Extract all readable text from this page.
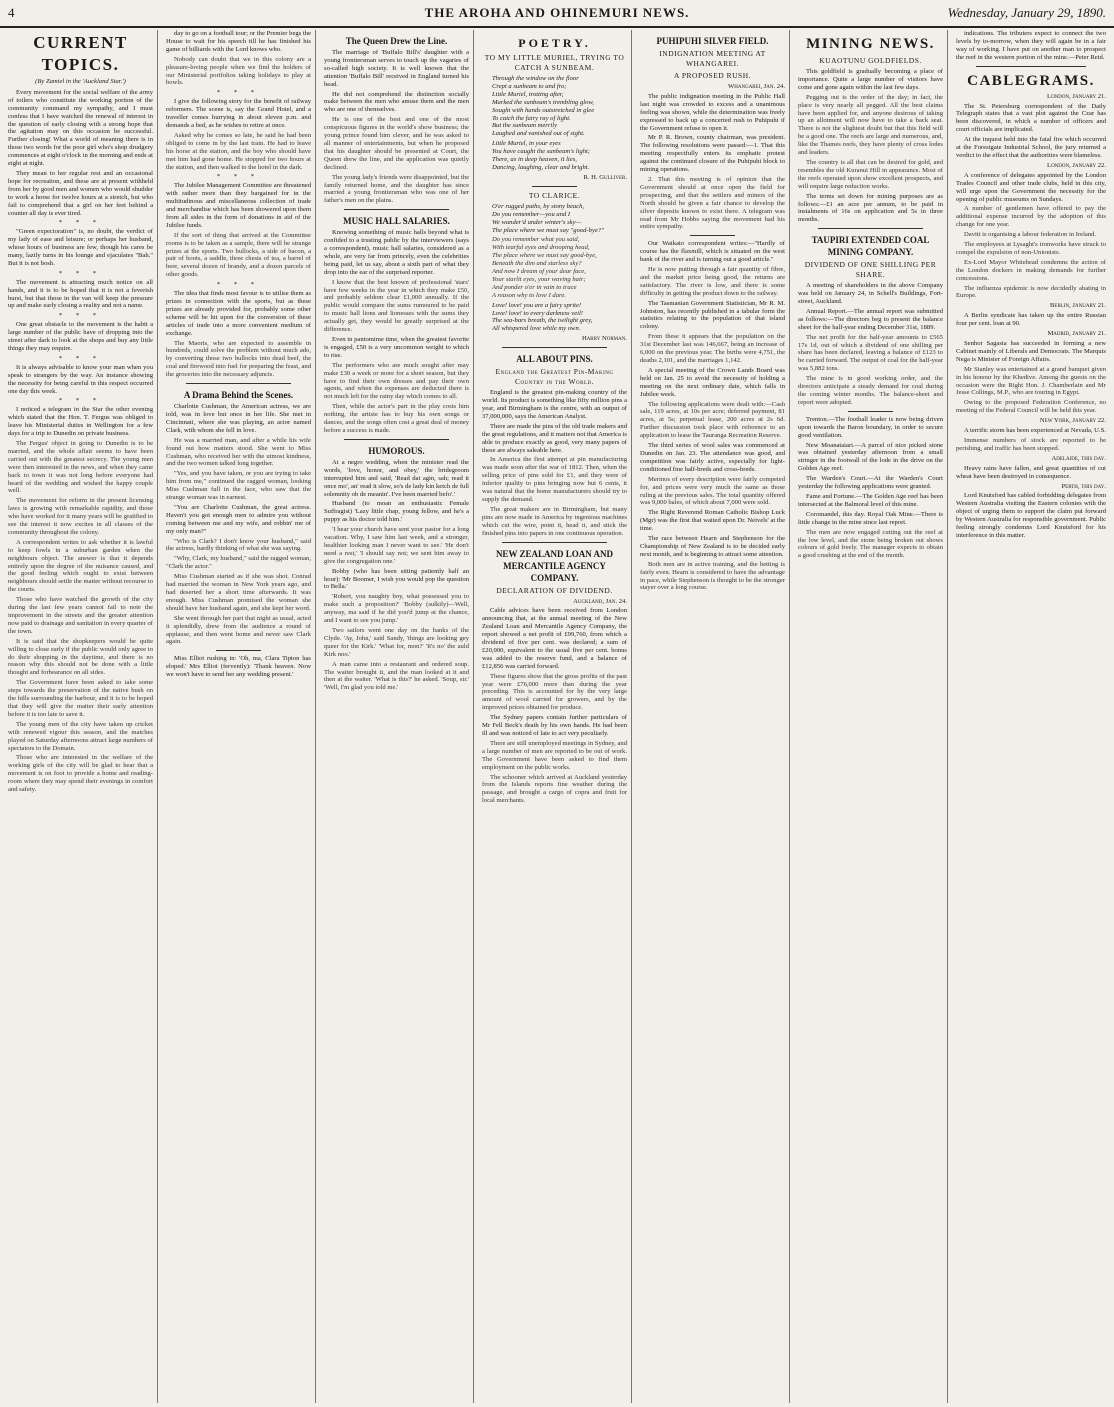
4	THE AROHA AND OHINEMURI NEWS.	Wednesday, January 29, 1890.
CURRENT TOPICS.
(By Zamiel in the 'Auckland Star.')

Every movement for the social welfare of the army of toilers who constitute the working portion of the community command my sympathy, and I must confess that I have watched the renewal of interest in the question of early closing with a strong hope that the agitation may on this occasion be successful. Further closing! What a world of meaning there is in those two words for the poor girl who's shop drudgery commences at eight o'clock in the morning and ends at eight at night.

They mean to her regular rest and an occasional hope for recreation, and these are at present withheld from her by good men and women who would shudder to work a horse for twelve hours at a stretch, but who fail to comprehend that a girl on her feet behind a counter all day is ever tired.

* * *

"Green expectoration" is, no doubt, the verdict of my lady of ease and leisure; or perhaps her husband, whose hours of business are few, though his cares be many, lazily turns in his lounge and ejaculates "Bah." But it is not bosh.

* * *

The movement is attracting much notice on all hands, and it is to be hoped that it is not a feverish burst, but that those in the van will keep the pressure up and make early closing a reality and not a name.

* * *

One great obstacle to the movement is the habit a large number of the public have of dropping into the street after dark to look at the shops and buy any little things they may require.

* * *

It is always advisable to know your man when you speak to strangers by the way. An instance showing the necessity for being careful in this respect occurred one day this week.

* * *

I noticed a telegram in the Star the other evening which stated that the Hon. T. Fergus was obliged to leave his Ministerial duties in Wellington for a few days for a trip to Dunedin on private business.

The Fergus' object in going to Dunedin is to be married, and the whole affair seems to have been carried out with the greatest secrecy. The young men were then interested in the news, and when they came back to town it was not long before everyone had heard of the wedding and wished the happy couple well.

The movement for reform in the present licensing laws is growing with remarkable rapidity, and those who have worked for it many years will be gratified to see the interest it now excites in all classes of the community throughout the colony.

A correspondent writes to ask whether it is lawful to keep fowls in a suburban garden when the neighbours object. The answer is that it depends entirely upon the degree of the nuisance caused, and the good feeling which ought to exist between neighbours should settle the matter without recourse to the courts.

Those who have watched the growth of the city during the last few years cannot fail to note the improvement in the streets and the greater attention now paid to drainage and sanitation in every quarter of the town.

It is said that the shopkeepers would be quite willing to close early if the public would only agree to do their shopping in the daytime, and there is no reason why this should not be done with a little thought and forbearance on all sides.

The Government have been asked to take some steps towards the preservation of the native bush on the hills surrounding the harbour, and it is to be hoped that they will give the matter their early attention before it is too late to save it.

The young men of the city have taken up cricket with renewed vigour this season, and the matches played on Saturday afternoons attract large numbers of spectators to the Domain.

Those who are interested in the welfare of the working girls of the city will be glad to hear that a movement is on foot to provide a home and reading-room where they may spend their evenings in comfort and safety.

day to go on a football tour; or the Premier begs the House to wait for his speech till he has finished his game of billiards with the Lord knows who.

Nobody can doubt that we in this colony are a pleasure-loving people when we find the holders of our Ministerial portfolios taking holidays to play at bowls.

* * *

I give the following story for the benefit of railway reformers. The scene is, say the Grand Hotel, and a traveller comes hurrying in about eleven p.m. and demands a bed, as he wishes to retire at once.

Asked why he comes so late, he said he had been obliged to come in by the last train. He had to leave his horse at the station, and the boy who should have met him had gone home. He stopped for two hours at the station, and then walked to the hotel in the dark.

* * *

The Jubilee Management Committee are threatened with rather more than they bargained for in the multitudinous and miscellaneous collection of trade and merchandise which has been showered upon them from all sides in the form of donations in aid of the Jubilee funds.

If the sort of thing that arrived at the Committee rooms is to be taken as a sample, there will be strange prizes at the sports. Two bullocks, a side of bacon, a pair of boots, a saddle, three chests of tea, a barrel of beer, several dozen of brandy, and a dozen parcels of other goods.

* * *

The idea that finds most favour is to utilise them as prizes in connection with the sports, but as these prizes are already provided for, probably some other scheme will be hit upon for the conversion of these articles of trade into a more convenient medium of exchange.

The Maoris, who are expected to assemble in hundreds, could solve the problem without much ado, by converting those two bullocks into dead beef, the coal and firewood into fuel for preparing the feast, and the groceries into the necessary adjuncts.

A Drama Behind the Scenes.

Charlotte Cushman, the American actress, we are told, was in love but once in her life. She met in Cincinnati, where she was playing, an actor named Clark, with whom she fell in love.

He was a married man, and after a while his wife found out how matters stood. She went to Miss Cushman, who received her with the utmost kindness, and the two women talked long together.

"Yes, and you have taken, or you are trying to take him from me," continued the ragged woman, looking Miss Cushman full in the face, who saw that the strange woman was in earnest.

"You are Charlotte Cushman, the great actress. Haven't you got enough men to admire you without coming between me and my wife, and robbin' me of my only man?"

"Who is Clark? I don't know your husband," said the actress, hardly thinking of what she was saying.

"Why, Clark, my husband," said the ragged woman, "Clark the actor."

Miss Cushman started as if she was shot. Conrad had married the woman in New York years ago, and had deserted her a short time afterwards. It was enough. Miss Cushman promised the woman she should have her husband again, and she kept her word.

She went through her part that night as usual, acted it splendidly, drew from the audience a round of applause, and then went home and never saw Clark again.

Miss Elliot rushing in: 'Oh, ma, Clara Tipton has eloped.' Mrs Elliot (fervently): 'Thank heaven. Now we won't have to send her any wedding present.'

The Queen Drew the Line.

The marriage of 'Buffalo Bill's' daughter with a young frontiersman serves to touch up the vagaries of so-called high society. It is well known that the attention 'Buffalo Bill' received in England turned his head.

He did not comprehend the distinction socially make between the men who amuse them and the men who are one of themselves.

He is one of the best and one of the most conspicuous figures in the world's show business; the young prince found him clever, and he was asked to all manner of entertainments, but when he proposed that his daughter should be presented at Court, the Queen drew the line, and the application was quietly declined.

The young lady's friends were disappointed, but the family returned home, and the daughter has since married a young frontiersman who was one of her father's men on the plains.

MUSIC HALL SALARIES.

Knowing something of music halls beyond what is confided to a trusting public by the interviewers (says a correspondent), music hall salaries, considered as a whole, are very far from princely, even the celebrities being paid, let us say, about a sixth part of what they drop into the ear of the surprised reporter.

I know that the best known of professional 'stars' have few weeks in the year in which they make £50, and probably seldom clear £1,000 annually. If the public would compare the sums rumoured to be paid to music hall lions and lionesses with the sums they actually get, they would be greatly surprised at the difference.

Even in pantomime time, when the greatest favorite is engaged, £50 is a very uncommon weight to which to rise.

The performers who are much sought after may make £30 a week or more for a short season, but they have to find their own dresses and pay their own agents, and when the expenses are deducted there is not much left for the rainy day which comes to all.

Then, while the actor's part in the play costs him nothing, the artiste has to buy his own songs or dances, and the songs often cost a great deal of money before a success is made.

HUMOROUS.

At a negro wedding, when the minister read the words, 'love, honor, and obey,' the bridegroom interrupted him and said, 'Read dat agin, sah; read it once mo', an' read it slow, so's de lady kin ketch de full solemnity ob de meanin'. I've been married befo'.'

Husband (to moan an enthusiastic Female Suffragist) 'Lazy little chap, young fellow, and he's a puppy as his doctor told him.'

'I hear your church have sent your pastor for a long vacation. Why, I saw him last week, and a stronger, healthier looking man I never want to see.' 'He don't need a rest,' 'I should say not; we sent him away to give the congregation one.'

Bobby (who has been sitting patiently half an hour): 'Mr Boomer, I wish you would pop the question to Bella.'

'Robert, you naughty boy, what possessed you to make such a proposition?' 'Bobby (sulkily)—Well, anyway, ma said if he did you'd jump at the chance, and I want to see you jump.'

Two sailors went one day on the banks of the Clyde. 'Ay, John,' said Sandy, 'things are looking gey queer for the Kirk.' 'What for, mon?' 'It's no' the auld Kirk noo.'

A man came into a restaurant and ordered soup. The waiter brought it, and the man looked at it and then at the waiter. 'What is this?' he asked. 'Soup, sir.' 'Well, I'm glad you told me.'

POETRY.
TO MY LITTLE MURIEL, TRYING TO CATCH A SUNBEAM.
Through the window on the floor
Crept a sunbeam to and fro;
Little Muriel, trotting after,
Marked the sunbeam's trembling glow,
Sought with hands outstretched in glee
To catch the fairy ray of light.
But the sunbeam merrily
Laughed and vanished out of sight.
Little Muriel, in your eyes
You have caught the sunbeam's light;
There, as in deep heaven, it lies,
Dancing, laughing, clear and bright.
R. H. Gulliver.
TO CLARICE.
O'er rugged paths, by stony beach,
Do you remember—you and I
We wander'd under winter's sky—
The place where we must say "good-bye?"
Do you remember what you said,
With tearful eyes and drooping head,
The place where we must say good-bye,
Beneath the dim and starless sky?
And now I dream of your dear face,
Your starlit eyes, your waving hair;
And ponder o'er in vain to trace
A reason why to love I dare.
Love! love! you are a fairy sprite!
Love! love! to every darkness veil!
The sea-bars breath, the twilight grey,
All whispered love while my own.
Harry Norman.
ALL ABOUT PINS.
England the Greatest Pin-Making Country in the World.

England is the greatest pin-making country of the world. Its product is something like fifty million pins a year, and Birmingham is the centre, with an output of 37,000,000, says the American Analyst.

There are made the pins of the old trade makers and the great regulations, and it matters not that America is able to produce exactly as good, very many papers of these are always saleable here.

In America the first attempt at pin manufacturing was made soon after the war of 1812. Then, when the selling price of pins sold for £1, and they were of inferior quality to pins bringing now but 6 cents, it was natural that the home manufacturers should try to supply the demand.

The great makers are in Birmingham, but many pins are now made in America by ingenious machines which cut the wire, point it, head it, and stick the finished pins into papers in one continuous operation.

NEW ZEALAND LOAN AND MERCANTILE AGENCY COMPANY.
DECLARATION OF DIVIDEND.
Auckland, Jan. 24.

Cable advices have been received from London announcing that, at the annual meeting of the New Zealand Loan and Mercantile Agency Company, the report showed a net profit of £99,760, from which a dividend of five per cent. was declared; a sum of £20,000, equivalent to the usual five per cent. bonus was added to the reserve fund, and a balance of £12,856 was carried forward.

These figures show that the gross profits of the past year were £76,000 more than during the year preceding. This is accounted for by the very large amount of wool carried for growers, and by the improved prices obtained for produce.

The Sydney papers contain further particulars of Mr Fell Beck's death by his own hands. He had been ill and was noticed of late to act very peculiarly.

There are still unemployed meetings in Sydney, and a large number of men are reported to be out of work. The Government have been asked to find them employment on the public works.

The schooner which arrived at Auckland yesterday from the Islands reports fine weather during the passage, and brought a cargo of copra and fruit for local merchants.

PUHIPUHI SILVER FIELD.
INDIGNATION MEETING AT WHANGAREI.
A PROPOSED RUSH.
Whangarei, Jan. 24.

The public indignation meeting in the Public Hall last night was crowded to excess and a unanimous feeling was shown, while the determination was freely expressed to back up a concerted rush to Puhipuhi if the Government refuse to open it.

Mr P. R. Brown, county chairman, was president. The following resolutions were passed:—1. That this meeting respectfully enters its emphatic protest against the continued closure of the Puhipuhi block to mining operations.

2. That this meeting is of opinion that the Government should at once open the field for prospecting, and that the settlers and miners of the North should be given a fair chance to develop the silver deposits known to exist there. A telegram was read from Mr Hobbs saying the movement had his entire sympathy.

Our Waikato correspondent writes:—"Hardly of course has the flaxmill, which is situated on the west bank of the river and is turning out a good article."

He is now putting through a fair quantity of fibre, and the market price being good, the returns are satisfactory. The river is low, and there is some difficulty in getting the product down to the railway.

The Tasmanian Government Statistician, Mr R. M. Johnston, has recently published in a tabular form the statistics relating to the population of that island colony.

From these it appears that the population on the 31st December last was 146,667, being an increase of 6,000 on the previous year. The births were 4,751, the deaths 2,101, and the marriages 1,142.

A special meeting of the Crown Lands Board was held on Jan. 25 to avoid the necessity of holding a meeting on the next ordinary date, which falls in Jubilee week.

The following applications were dealt with:—Cash sale, 119 acres, at 10s per acre; deferred payment, 81 acres, at 5s; perpetual lease, 200 acres at 2s 6d. Further discussion took place with reference to an application to lease the Tauranga Recreation Reserve.

The third series of wool sales was commenced at Dunedin on Jan. 23. The attendance was good, and competition was fairly active, especially for light-conditioned fine half-breds and cross-breds.

Merinos of every description were fairly competed for, and prices were very much the same as those ruling at the previous sales. The total quantity offered was 9,000 bales, of which about 7,000 were sold.

The Right Reverend Roman Catholic Bishop Luck (Mgr) was the first that waited upon Dr. Neivels' at the time.

The race between Hearn and Stephenson for the Championship of New Zealand is to be decided early next month, and is beginning to attract some attention.

Both men are in active training, and the betting is fairly even. Hearn is considered to have the advantage in pace, while Stephenson is thought to be the stronger stayer over a long course.

MINING NEWS.
KUAOTUNU GOLDFIELDS.

This goldfield is gradually becoming a place of importance. Quite a large number of visitors have come and gone again within the last few days.

Pegging out is the order of the day; in fact, the place is very nearly all pegged. All the best claims have been applied for, and anyone desirous of taking up an allotment will now have to take a back seat. There is not the slightest doubt but that this field will be a good one. The reefs are large and numerous, and, like the Thames reefs, they have plenty of cross lodes and leaders.

The country is all that can be desired for gold, and resembles the old Kuranui Hill in appearance. Most of the reefs operated upon show excellent prospects, and will require large reduction works.

The terms set down for mining purposes are as follows:—£1 an acre per annum, to be paid in instalments of 16s on application and 5s in three months.

TAUPIRI EXTENDED COAL MINING COMPANY.
DIVIDEND OF ONE SHILLING PER SHARE.

A meeting of shareholders in the above Company was held on January 24, in Schell's Buildings, Fort-street, Auckland.

Annual Report.—The annual report was submitted as follows:—The directors beg to present the balance sheet for the half-year ending December 31st, 1889.

The net profit for the half-year amounts to £565 17s 1d, out of which a dividend of one shilling per share has been declared, leaving a balance of £123 to be carried forward. The output of coal for the half-year was 5,882 tons.

The mine is in good working order, and the directors anticipate a steady demand for coal during the coming winter months. The balance-sheet and report were adopted.

Trenton.—The football leader is now being driven upon towards the Baron boundary, in order to secure good ventilation.

New Moanataiari.—A parcel of nice picked stone was obtained yesterday afternoon from a small stringer in the footwall of the lode in the drive on the Golden Age reef.

The Warden's Court.—At the Warden's Court yesterday the following applications were granted.

Fame and Fortune.—The Golden Age reef has been intersected at the Balmoral level of this mine.

Coromandel, this day. Royal Oak Mine.—There is little change in the mine since last report.

The men are now engaged cutting out the reef at the low level, and the stone being broken out shows colours of gold freely. The manager expects to obtain a good crushing at the end of the month.

indications. The tributers expect to connect the two levels by to-morrow, when they will again be in a fair way of working. I have put on another man to prospect the reef in the western portion of the mine.—Peter Reid.

CABLEGRAMS.
London, January 21.

The St. Petersburg correspondent of the Daily Telegraph states that a vast plot against the Czar has been discovered, in which a number of officers and court officials are implicated.

At the inquest held into the fatal fire which occurred at the Forestgate Industrial School, the jury returned a verdict to the effect that the authorities were blameless.

London, January 22.

A conference of delegates appointed by the London Trades Council and other trade clubs, held in this city, will urge upon the Government the necessity for the opening of public museums on Sundays.

A number of gentlemen have offered to pay the additional expense incurred by the adoption of this change for one year.

Davitt is organising a labour federation in Ireland.

The employees at Lysaght's ironworks have struck to compel the expulsion of non-Unionists.

Ex-Lord Mayor Whitehead condemns the action of the London dockers in making demands for further concessions.

The influenza epidemic is now decidedly abating in Europe.

Berlin, January 21.

A Berlin syndicate has taken up the entire Russian four per cent. loan at 90.

Madrid, January 21.

Senhor Sagasta has succeeded in forming a new Cabinet mainly of Liberals and Democrats. The Marquis Nega is Minister of Foreign Affairs.

Mr Stanley was entertained at a grand banquet given in his honour by the Khedive. Among the guests on the occasion were the Right Hon. J. Chamberlain and Mr Jesse Collings, M.P., who are touring in Egypt.

Owing to the proposed Federation Conference, no meeting of the Federal Council will be held this year.

New York, January 22.

A terrific storm has been experienced at Nevada, U.S.

Immense numbers of stock are reported to be perishing, and traffic has been stopped.

Adelaide, this day.

Heavy rains have fallen, and great quantities of cut wheat have been destroyed in consequence.

Perth, this day.

Lord Knutsford has cabled forbidding delegates from Western Australia visiting the Eastern colonies with the object of urging them to support the claim put forward by Western Australia for responsible government. Public feeling strongly condemns Lord Knutsford for his interference in this matter.
